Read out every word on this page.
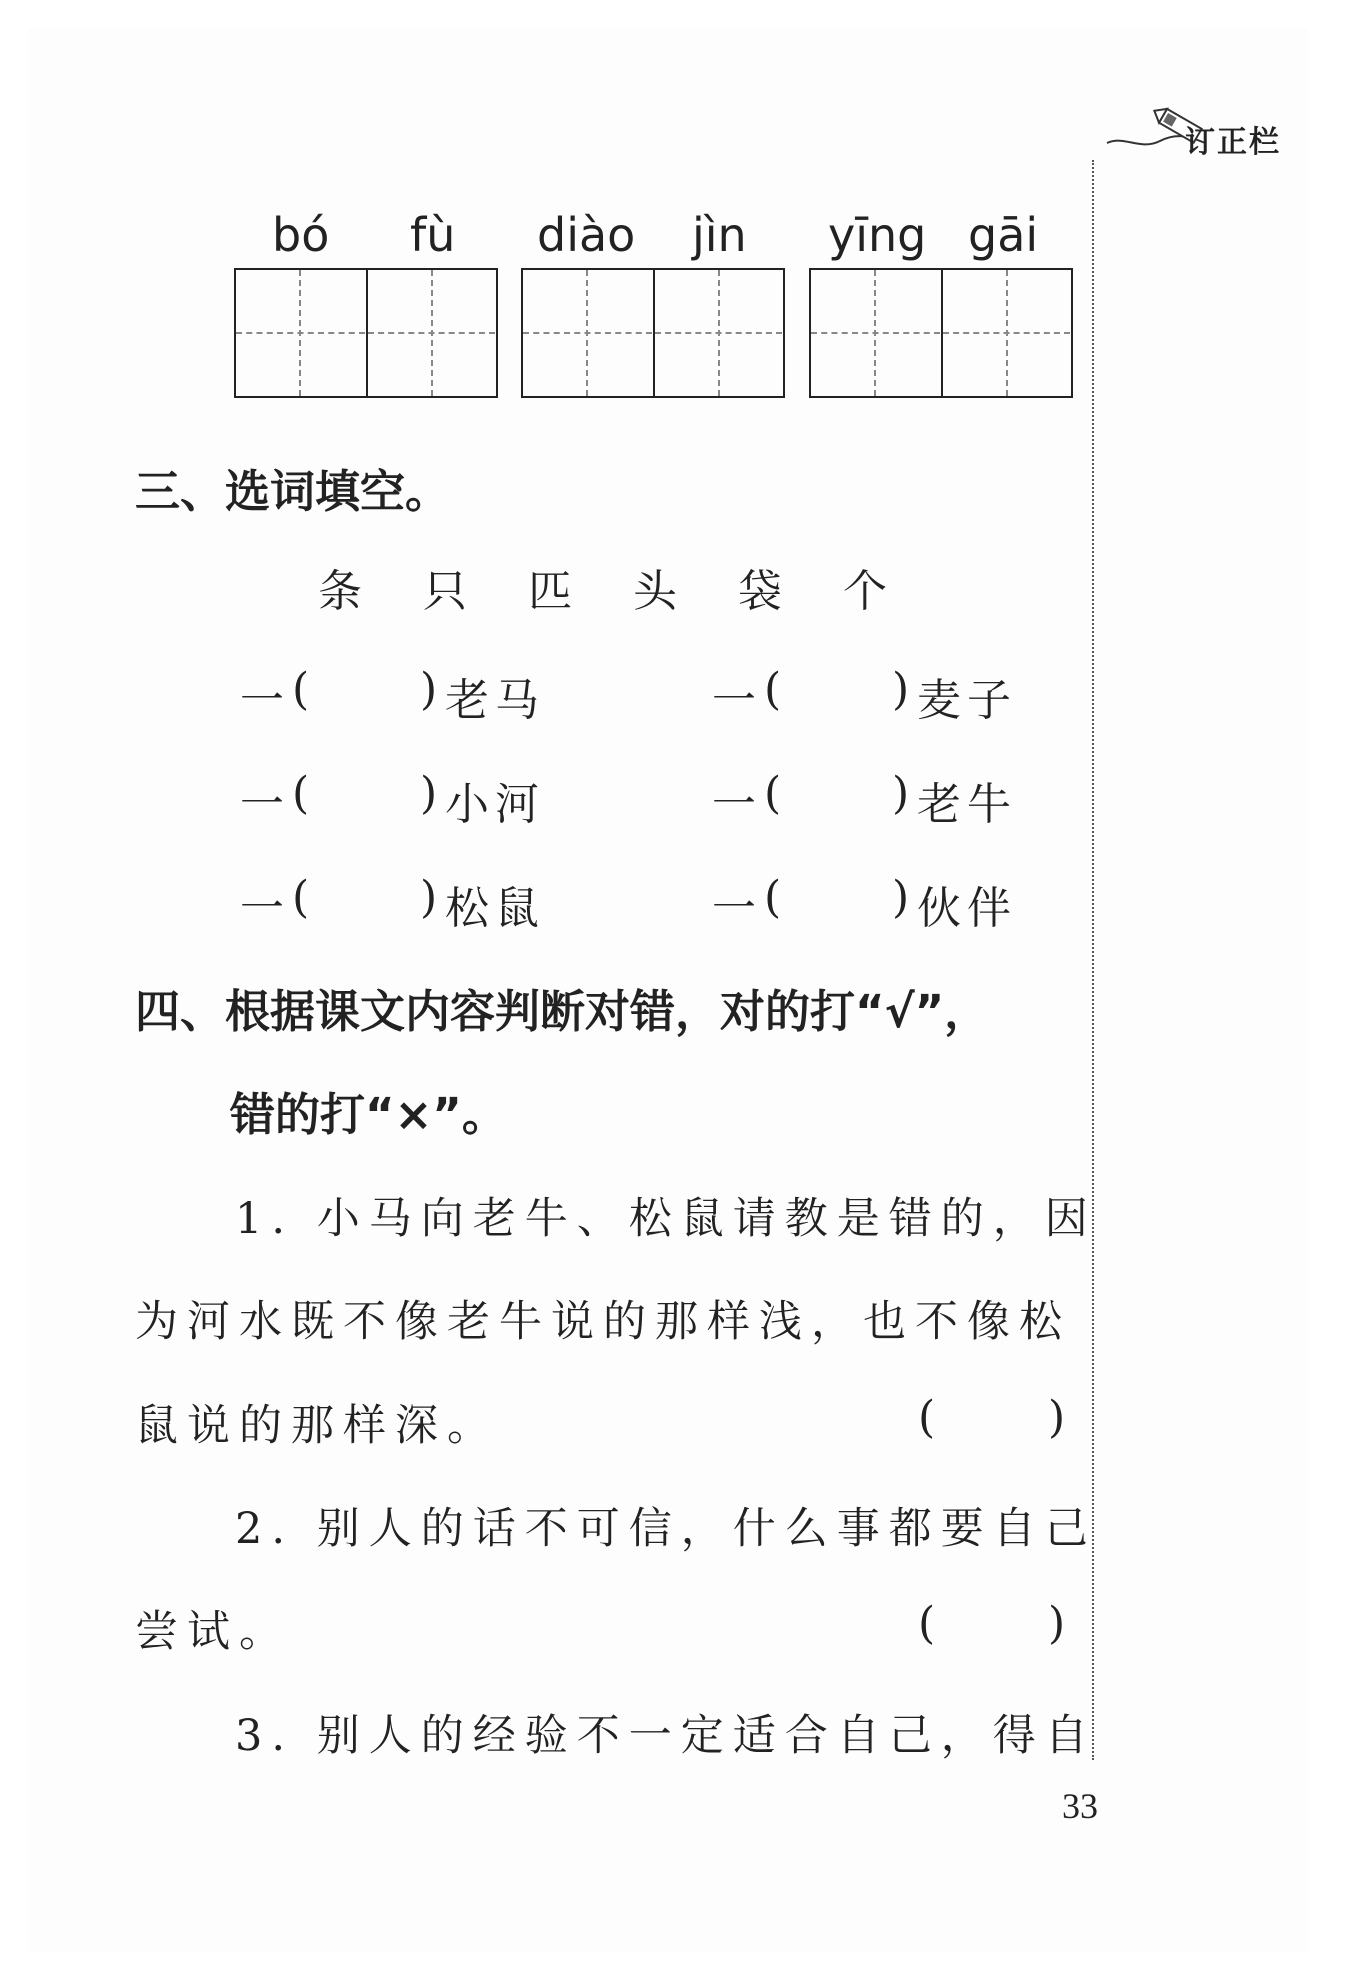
订正栏
bó fù diào jìn yīng gāi
三、选词填空。
条 只 匹 头 袋 个
一 (	) 老马	一 (	) 麦子
一 (	) 小河	一 (	) 老牛
一 (	) 松鼠	一 (	) 伙伴
四、根据课文内容判断对错，对的打“√”，
错的打“×”。
1. 小马向老牛、松鼠请教是错的，因
为河水既不像老牛说的那样浅，也不像松
鼠说的那样深。	(	)
2. 别人的话不可信，什么事都要自己
尝试。	(	)
3. 别人的经验不一定适合自己，得自
33
